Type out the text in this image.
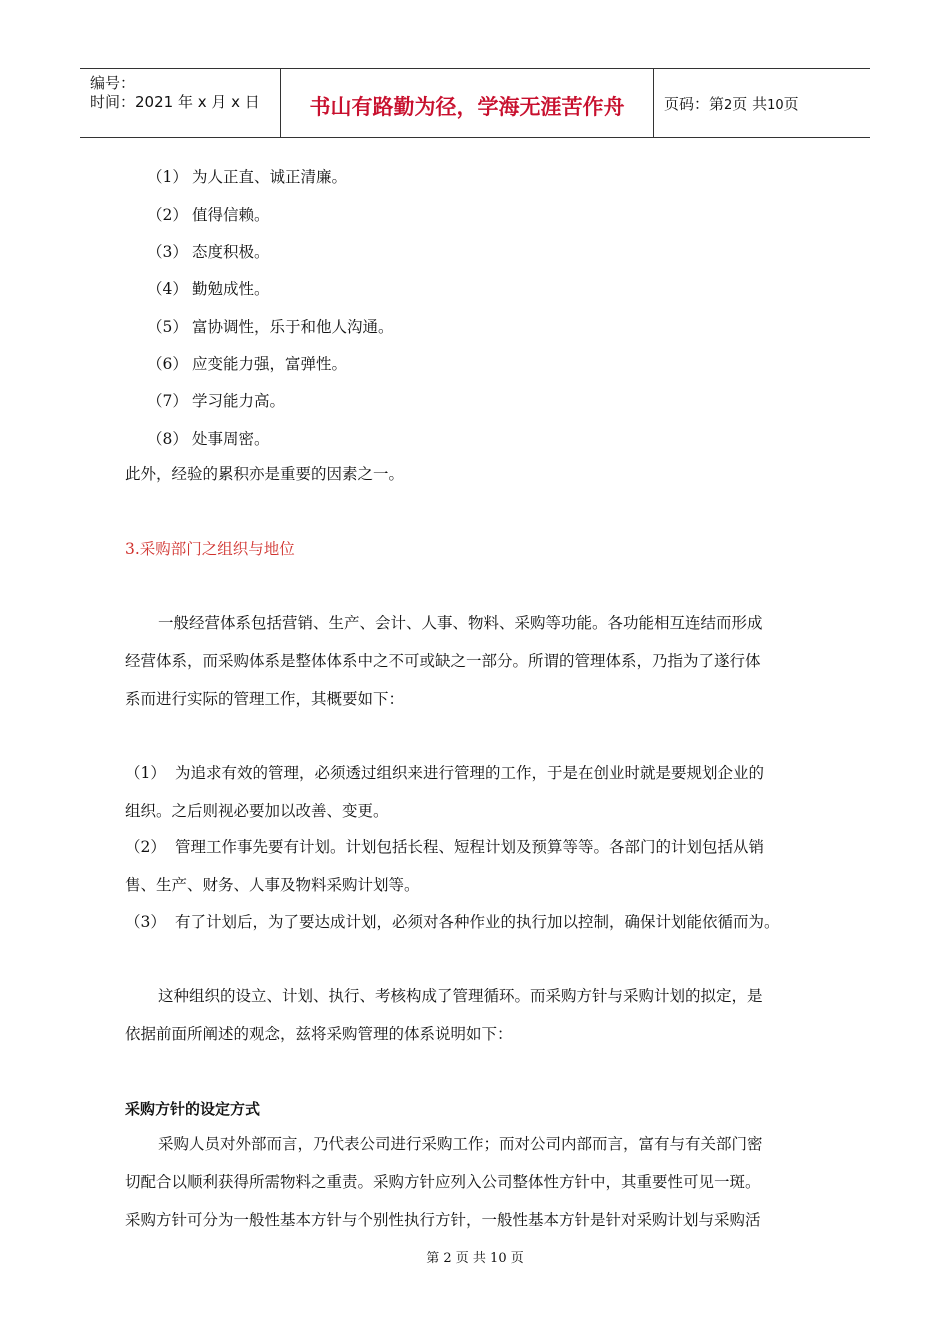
编号：
时间：2021 年 x 月 x 日	书山有路勤为径，学海无涯苦作舟	页码：第2页 共10页
（1） 为人正直、诚正清廉。
（2） 值得信赖。
（3） 态度积极。
（4） 勤勉成性。
（5） 富协调性，乐于和他人沟通。
（6） 应变能力强，富弹性。
（7） 学习能力高。
（8） 处事周密。
此外，经验的累积亦是重要的因素之一。
3.采购部门之组织与地位
一般经营体系包括营销、生产、会计、人事、物料、采购等功能。各功能相互连结而形成
经营体系，而采购体系是整体体系中之不可或缺之一部分。所谓的管理体系，乃指为了遂行体
系而进行实际的管理工作，其概要如下：
（1） 为追求有效的管理，必须透过组织来进行管理的工作，于是在创业时就是要规划企业的
组织。之后则视必要加以改善、变更。
（2） 管理工作事先要有计划。计划包括长程、短程计划及预算等等。各部门的计划包括从销
售、生产、财务、人事及物料采购计划等。
（3） 有了计划后，为了要达成计划，必须对各种作业的执行加以控制，确保计划能依循而为。
这种组织的设立、计划、执行、考核构成了管理循环。而采购方针与采购计划的拟定，是
依据前面所阐述的观念，兹将采购管理的体系说明如下：
采购方针的设定方式
采购人员对外部而言，乃代表公司进行采购工作；而对公司内部而言，富有与有关部门密
切配合以顺利获得所需物料之重责。采购方针应列入公司整体性方针中，其重要性可见一斑。
采购方针可分为一般性基本方针与个别性执行方针，一般性基本方针是针对采购计划与采购活
第 2 页 共 10 页
